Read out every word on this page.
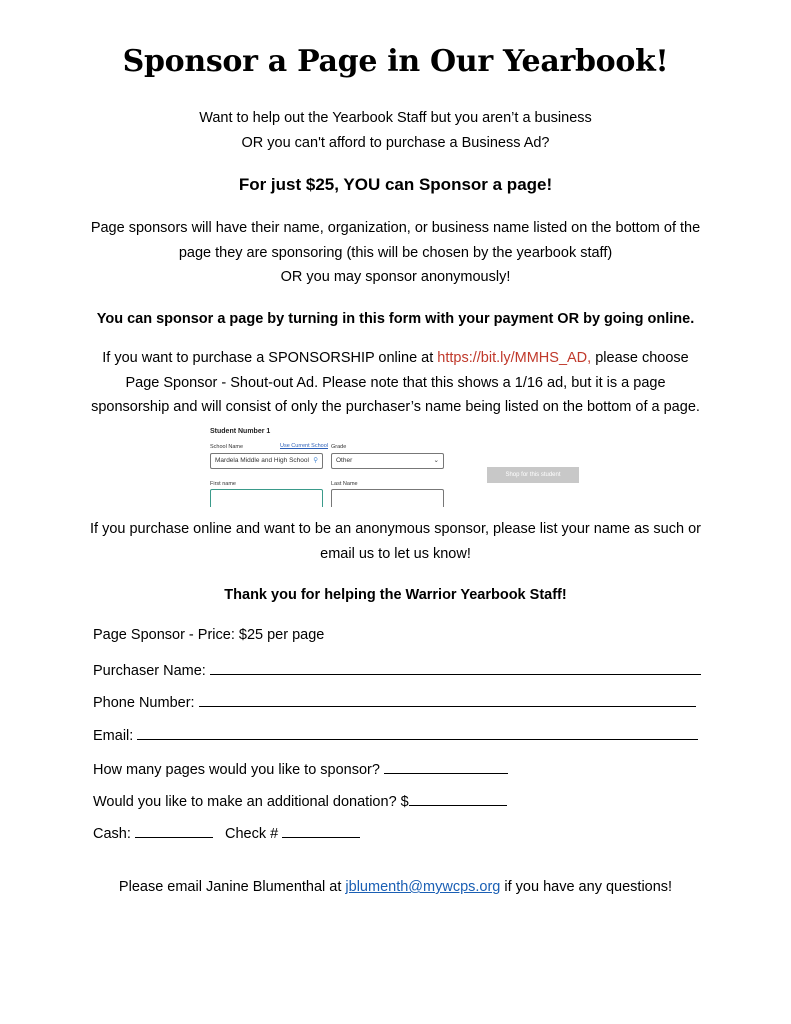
Sponsor a Page in Our Yearbook!
Want to help out the Yearbook Staff but you aren’t a business
OR you can't afford to purchase a Business Ad?
For just $25, YOU can Sponsor a page!
Page sponsors will have their name, organization, or business name listed on the bottom of the
page they are sponsoring (this will be chosen by the yearbook staff)
OR you may sponsor anonymously!
You can sponsor a page by turning in this form with your payment OR by going online.
If you want to purchase a SPONSORSHIP online at https://bit.ly/MMHS_AD, please choose
Page Sponsor - Shout-out Ad. Please note that this shows a 1/16 ad, but it is a page
sponsorship and will consist of only the purchaser’s name being listed on the bottom of a page.
Student Number 1
School Name	Use Current School
Mardela Middle and High School ⚲
Grade
Other	⌄
First name	Last Name
Shop for this student
If you purchase online and want to be an anonymous sponsor, please list your name as such or
email us to let us know!
Thank you for helping the Warrior Yearbook Staff!
Page Sponsor - Price: $25 per page
Purchaser Name:
Phone Number:
Email:
How many pages would you like to sponsor?
Would you like to make an additional donation? $
Cash:	Check #
Please email Janine Blumenthal at jblumenth@mywcps.org if you have any questions!
